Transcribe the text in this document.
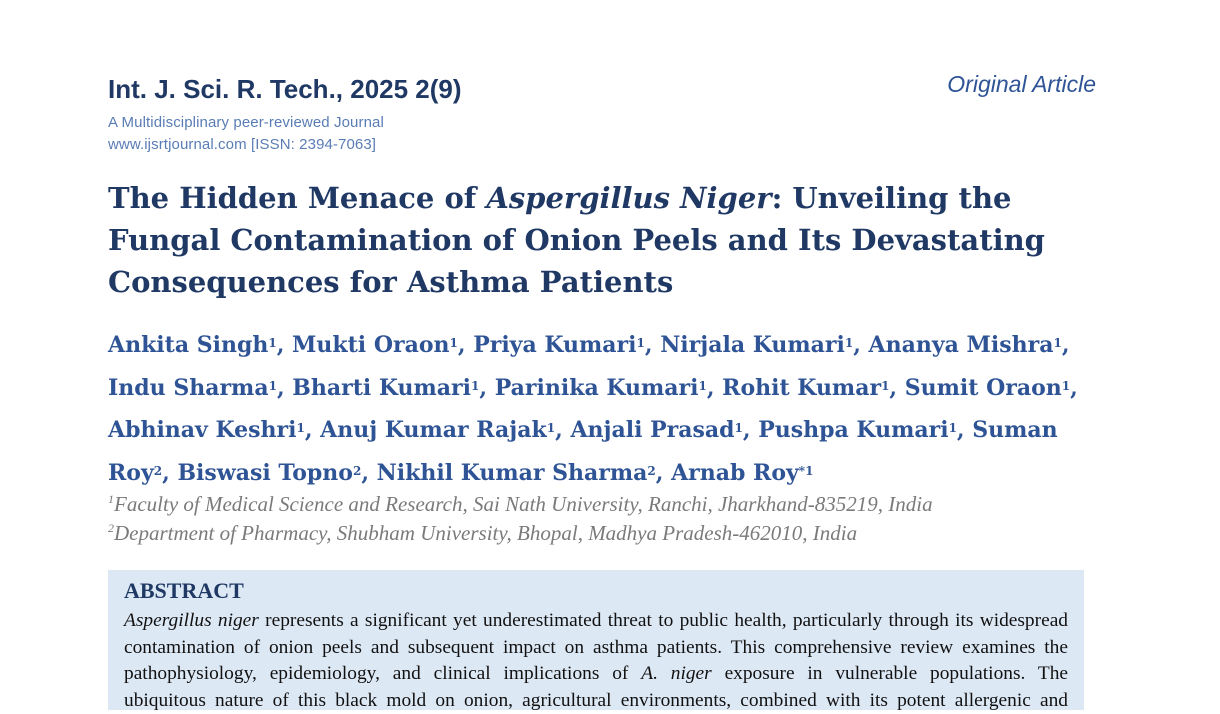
Int. J. Sci. R. Tech., 2025 2(9)	Original Article
A Multidisciplinary peer-reviewed Journal
www.ijsrtjournal.com [ISSN: 2394-7063]
The Hidden Menace of Aspergillus Niger: Unveiling the Fungal Contamination of Onion Peels and Its Devastating Consequences for Asthma Patients

Ankita Singh$^1$, Mukti Oraon$^1$, Priya Kumari$^1$, Nirjala Kumari$^1$, Ananya Mishra$^1$, Indu Sharma$^1$, Bharti Kumari$^1$, Parinika Kumari$^1$, Rohit Kumar$^1$, Sumit Oraon$^1$, Abhinav Keshri$^1$, Anuj Kumar Rajak$^1$, Anjali Prasad$^1$, Pushpa Kumari$^1$, Suman Roy$^2$, Biswasi Topno$^2$, Nikhil Kumar Sharma$^2$, Arnab Roy$^{*1}$

$^1$Faculty of Medical Science and Research, Sai Nath University, Ranchi, Jharkhand-835219, India
$^2$Department of Pharmacy, Shubham University, Bhopal, Madhya Pradesh-462010, India
ABSTRACT
Aspergillus niger represents a significant yet underestimated threat to public health, particularly through its widespread
contamination of onion peels and subsequent impact on asthma patients. This comprehensive review examines the
pathophysiology, epidemiology, and clinical implications of A. niger exposure in vulnerable populations. The
ubiquitous nature of this black mold on onion, agricultural environments, combined with its potent allergenic and
